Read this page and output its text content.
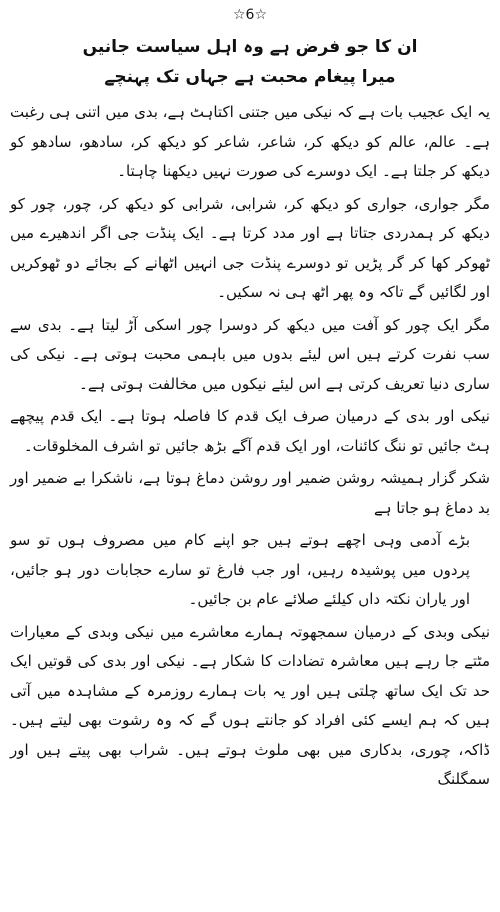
☆6☆
ان کا جو فرض ہے وہ اہل سیاست جانیں
میرا پیغام محبت ہے جہاں تک پہنچے

یہ ایک عجیب بات ہے کہ نیکی میں جتنی اکتاہٹ ہے، بدی میں اتنی ہی رغبت ہے۔ عالم، عالم کو دیکھ کر، شاعر، شاعر کو دیکھ کر، سادھو، سادھو کو دیکھ کر جلتا ہے۔ ایک دوسرے کی صورت نہیں دیکھنا چاہتا۔

مگر جواری، جواری کو دیکھ کر، شرابی، شرابی کو دیکھ کر، چور، چور کو دیکھ کر ہمدردی جتاتا ہے اور مدد کرتا ہے۔ ایک پنڈت جی اگر اندھیرے میں ٹھوکر کھا کر گر پڑیں تو دوسرے پنڈت جی انہیں اٹھانے کے بجائے دو ٹھوکریں اور لگائیں گے تاکہ وہ پھر اٹھ ہی نہ سکیں۔

مگر ایک چور کو آفت میں دیکھ کر دوسرا چور اسکی آڑ لیتا ہے۔ بدی سے سب نفرت کرتے ہیں اس لیئے بدوں میں باہمی محبت ہوتی ہے۔ نیکی کی ساری دنیا تعریف کرتی ہے اس لیئے نیکوں میں مخالفت ہوتی ہے۔

نیکی اور بدی کے درمیان صرف ایک قدم کا فاصلہ ہوتا ہے۔ ایک قدم پیچھے ہٹ جائیں تو ننگ کائنات، اور ایک قدم آگے بڑھ جائیں تو اشرف المخلوقات۔

شکر گزار ہمیشہ روشن ضمیر اور روشن دماغ ہوتا ہے، ناشکرا بے ضمیر اور بد دماغ ہو جاتا ہے

بڑے آدمی وہی اچھے ہوتے ہیں جو اپنے کام میں مصروف ہوں تو سو پردوں میں پوشیدہ رہیں، اور جب فارغ تو سارے حجابات دور ہو جائیں، اور یاران نکتہ داں کیلئے صلائے عام بن جائیں۔

نیکی وبدی کے درمیان سمجھوتہ ہمارے معاشرے میں نیکی وبدی کے معیارات مٹتے جا رہے ہیں معاشرہ تضادات کا شکار ہے۔ نیکی اور بدی کی قوتیں ایک حد تک ایک ساتھ چلتی ہیں اور یہ بات ہمارے روزمرہ کے مشاہدہ میں آتی ہیں کہ ہم ایسے کئی افراد کو جانتے ہوں گے کہ وہ رشوت بھی لیتے ہیں۔ ڈاکہ، چوری، بدکاری میں بھی ملوث ہوتے ہیں۔ شراب بھی پیتے ہیں اور سمگلنگ
